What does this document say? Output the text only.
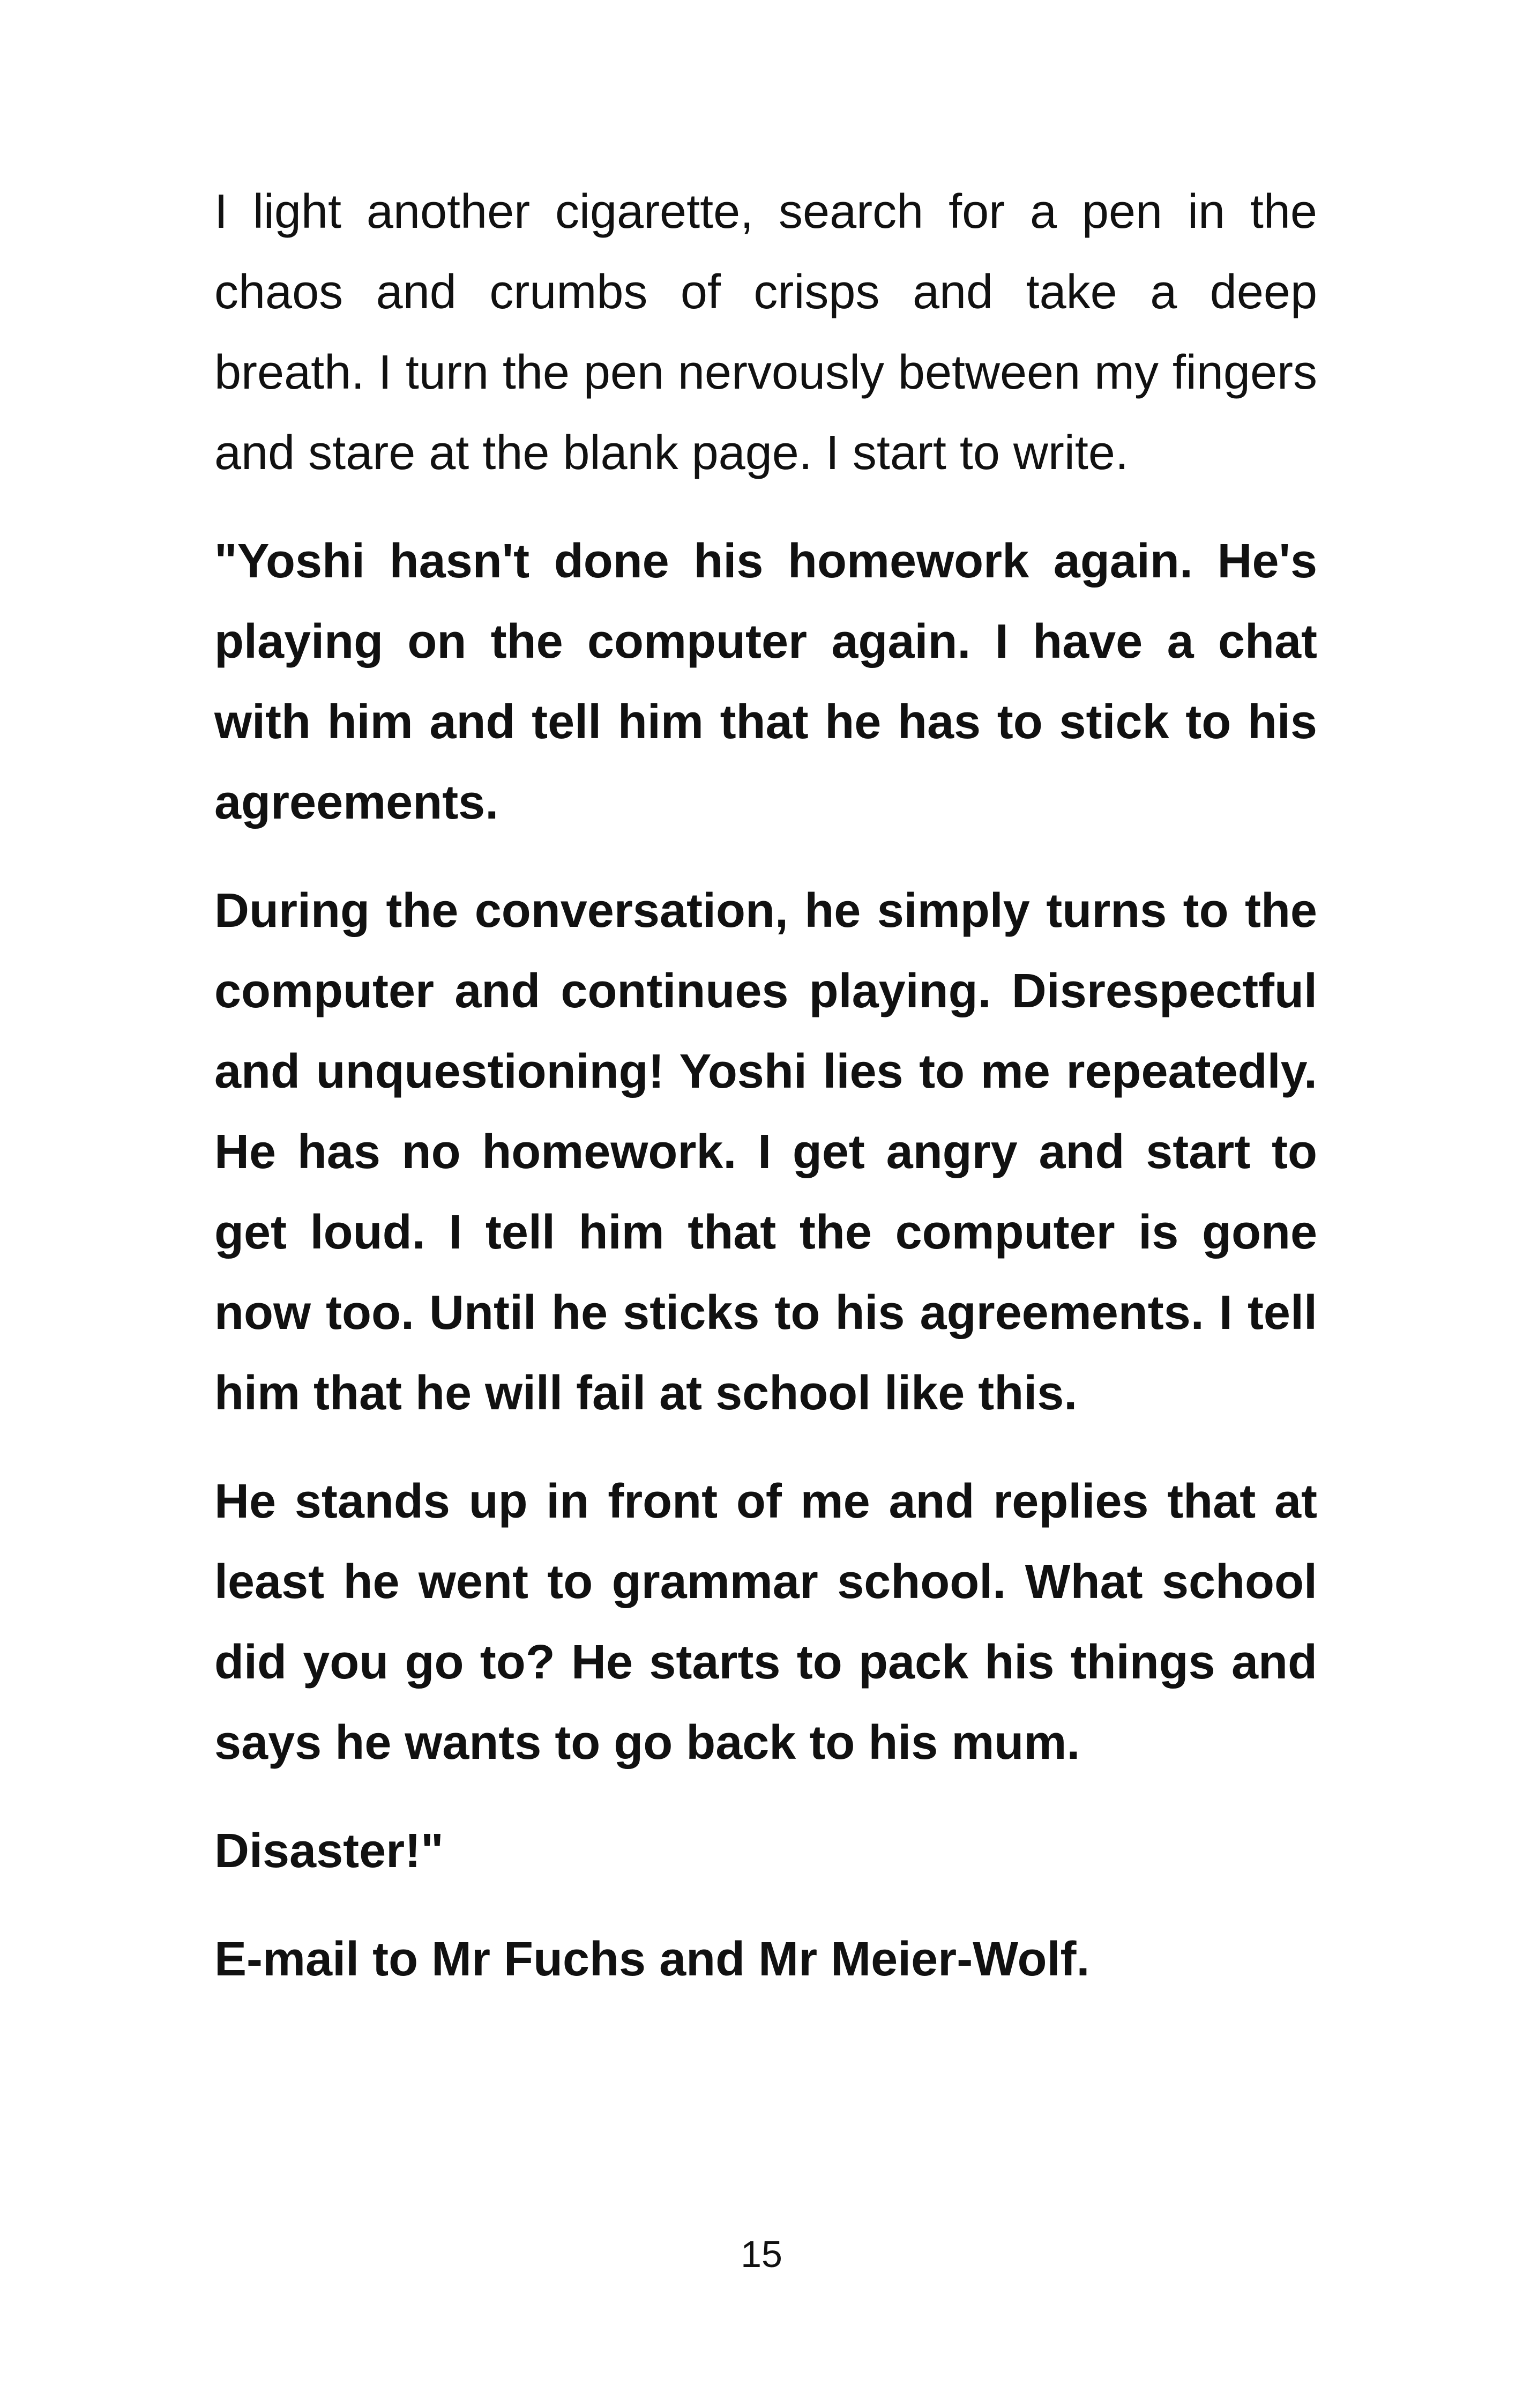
I light another cigarette, search for a pen in the chaos and crumbs of crisps and take a deep breath. I turn the pen nervously between my fingers and stare at the blank page. I start to write.

"Yoshi hasn't done his homework again. He's playing on the computer again. I have a chat with him and tell him that he has to stick to his agreements.

During the conversation, he simply turns to the computer and continues playing. Disrespectful and unquestioning! Yoshi lies to me repeatedly. He has no homework. I get angry and start to get loud. I tell him that the computer is gone now too. Until he sticks to his agreements. I tell him that he will fail at school like this.

He stands up in front of me and replies that at least he went to grammar school. What school did you go to? He starts to pack his things and says he wants to go back to his mum.

Disaster!"

E-mail to Mr Fuchs and Mr Meier-Wolf.

15
